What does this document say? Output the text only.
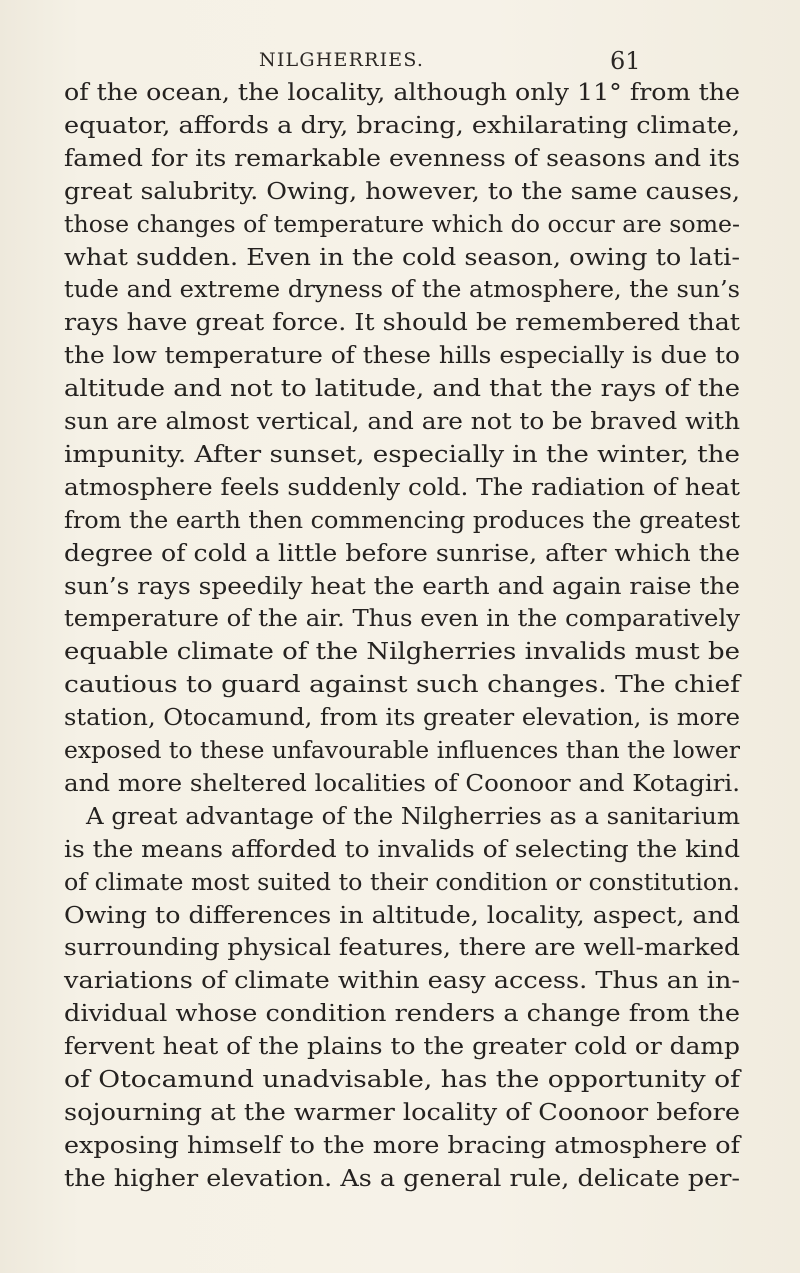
NILGHERRIES.	61
of the ocean, the locality, although only 11° from the
equator, affords a dry, bracing, exhilarating climate,
famed for its remarkable evenness of seasons and its
great salubrity. Owing, however, to the same causes,
those changes of temperature which do occur are some-
what sudden. Even in the cold season, owing to lati-
tude and extreme dryness of the atmosphere, the sun’s
rays have great force. It should be remembered that
the low temperature of these hills especially is due to
altitude and not to latitude, and that the rays of the
sun are almost vertical, and are not to be braved with
impunity. After sunset, especially in the winter, the
atmosphere feels suddenly cold. The radiation of heat
from the earth then commencing produces the greatest
degree of cold a little before sunrise, after which the
sun’s rays speedily heat the earth and again raise the
temperature of the air. Thus even in the comparatively
equable climate of the Nilgherries invalids must be
cautious to guard against such changes. The chief
station, Otocamund, from its greater elevation, is more
exposed to these unfavourable influences than the lower
and more sheltered localities of Coonoor and Kotagiri.
A great advantage of the Nilgherries as a sanitarium
is the means afforded to invalids of selecting the kind
of climate most suited to their condition or constitution.
Owing to differences in altitude, locality, aspect, and
surrounding physical features, there are well-marked
variations of climate within easy access. Thus an in-
dividual whose condition renders a change from the
fervent heat of the plains to the greater cold or damp
of Otocamund unadvisable, has the opportunity of
sojourning at the warmer locality of Coonoor before
exposing himself to the more bracing atmosphere of
the higher elevation. As a general rule, delicate per-
